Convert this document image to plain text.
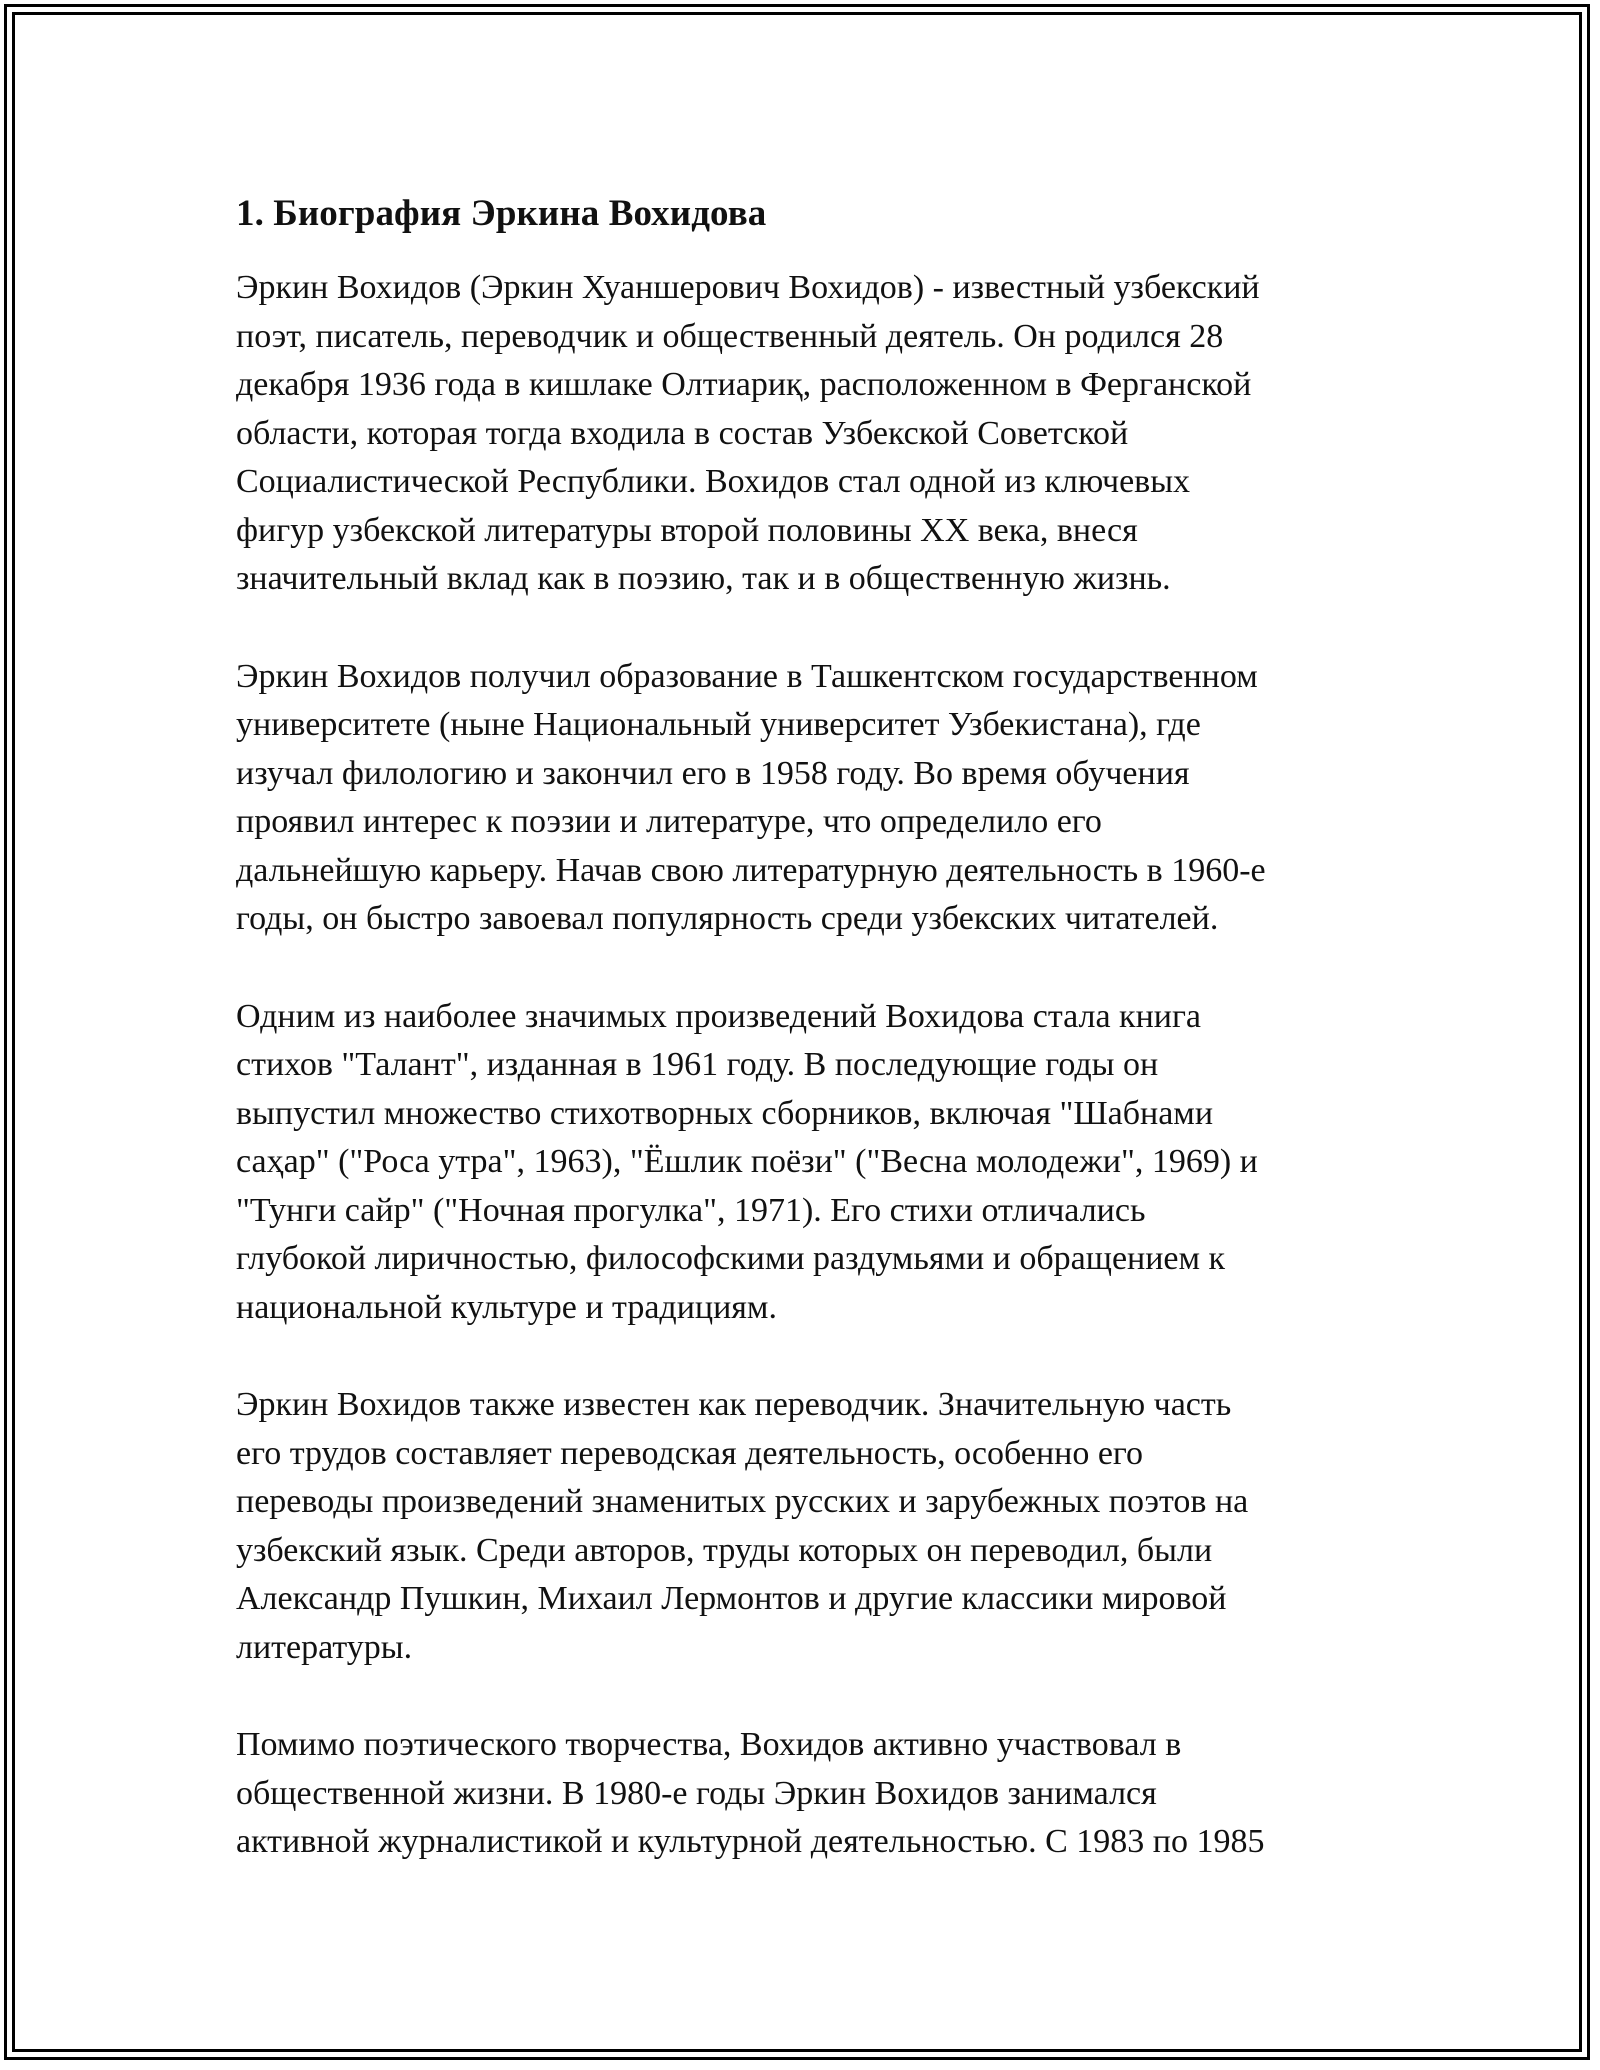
1. Биография Эркина Вохидова

Эркин Вохидов (Эркин Хуаншерович Вохидов) - известный узбекский
поэт, писатель, переводчик и общественный деятель. Он родился 28
декабря 1936 года в кишлаке Олтиариқ, расположенном в Ферганской
области, которая тогда входила в состав Узбекской Советской
Социалистической Республики. Вохидов стал одной из ключевых
фигур узбекской литературы второй половины XX века, внеся
значительный вклад как в поэзию, так и в общественную жизнь.

Эркин Вохидов получил образование в Ташкентском государственном
университете (ныне Национальный университет Узбекистана), где
изучал филологию и закончил его в 1958 году. Во время обучения
проявил интерес к поэзии и литературе, что определило его
дальнейшую карьеру. Начав свою литературную деятельность в 1960-е
годы, он быстро завоевал популярность среди узбекских читателей.

Одним из наиболее значимых произведений Вохидова стала книга
стихов "Талант", изданная в 1961 году. В последующие годы он
выпустил множество стихотворных сборников, включая "Шабнами
саҳар" ("Роса утра", 1963), "Ёшлик поёзи" ("Весна молодежи", 1969) и
"Тунги сайр" ("Ночная прогулка", 1971). Его стихи отличались
глубокой лиричностью, философскими раздумьями и обращением к
национальной культуре и традициям.

Эркин Вохидов также известен как переводчик. Значительную часть
его трудов составляет переводская деятельность, особенно его
переводы произведений знаменитых русских и зарубежных поэтов на
узбекский язык. Среди авторов, труды которых он переводил, были
Александр Пушкин, Михаил Лермонтов и другие классики мировой
литературы.

Помимо поэтического творчества, Вохидов активно участвовал в
общественной жизни. В 1980-е годы Эркин Вохидов занимался
активной журналистикой и культурной деятельностью. С 1983 по 1985
